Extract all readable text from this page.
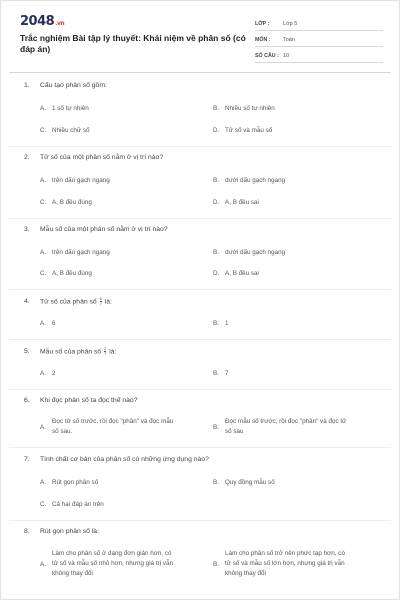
2048.vn
Trắc nghiệm Bài tập lý thuyết: Khái niệm về phân số (có đáp án)
LỚP :	Lớp 5
MÔN :	Toán
SỐ CÂU : 10
1. Cấu tạo phân số gồm:
A. 1 số tự nhiên	B. Nhiều số tự nhiên
C. Nhiều chữ số	D. Tử số và mẫu số
2. Tử số của một phân số nằm ở vị trí nào?
A. trên dấu gạch ngang	B. dưới dấu gạch ngang
C. A, B đều đúng	D. A, B đều sai
3. Mẫu số của một phân số nằm ở vị trí nào?
A. trên dấu gạch ngang	B. dưới dấu gạch ngang
C. A, B đều đúng	D. A, B đều sai
4. Tử số của phân số $\frac{6}{7}$ là:
A. 6	B. 1
5. Mẫu số của phân số $\frac{2}{7}$ là:
A. 2	B. 7
6. Khi đọc phân số ta đọc thế nào?
A.
Đọc tử số trước, rồi đọc "phần" và đọc mẫu
số sau.
B.
Đọc mẫu số trước, rồi đọc "phần" và đọc tử
số sau
7. Tính chất cơ bản của phân số có những ứng dụng nào?
A. Rút gọn phân số	B. Quy đồng mẫu số
C. Cả hai đáp án trên
8. Rút gọn phân số là:
A.
Làm cho phân số ở dạng đơn giản hơn, có
tử số và mẫu số nhỏ hơn, nhưng giá trị vẫn
không thay đổi
B.
Làm cho phân số trở nên phức tạp hơn, có
tử số và mẫu số lớn hơn, nhưng giá trị vẫn
không thay đổi
